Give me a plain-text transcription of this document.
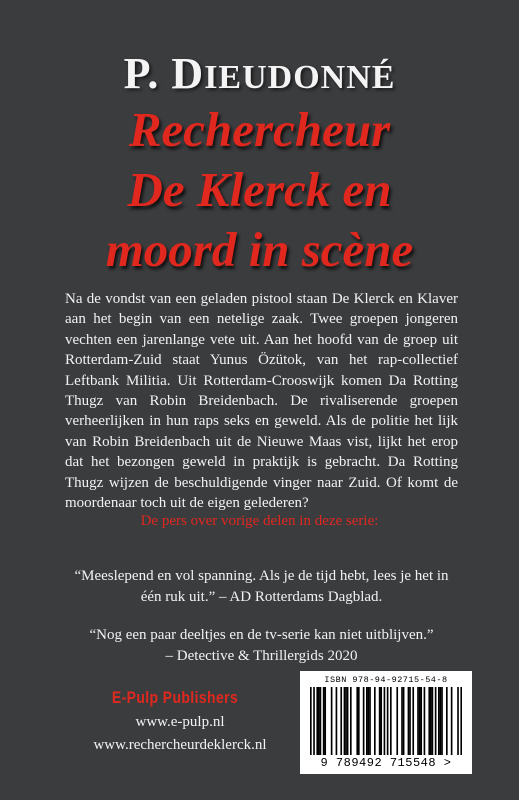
P. DIEUDONNÉ
Rechercheur
De Klerck en
moord in scène
Na de vondst van een geladen pistool staan De Klerck en Klaver aan het begin van een netelige zaak. Twee groepen jongeren vechten een jarenlange vete uit. Aan het hoofd van de groep uit Rotterdam-Zuid staat Yunus Özütok, van het rap-collectief Leftbank Militia. Uit Rotterdam-Crooswijk komen Da Rotting Thugz van Robin Breidenbach. De rivaliserende groepen verheerlijken in hun raps seks en geweld. Als de politie het lijk van Robin Breidenbach uit de Nieuwe Maas vist, lijkt het erop dat het bezongen geweld in praktijk is gebracht. Da Rotting Thugz wijzen de beschuldigende vinger naar Zuid. Of komt de moordenaar toch uit de eigen gelederen?
De pers over vorige delen in deze serie:
“Meeslepend en vol spanning. Als je de tijd hebt, lees je het in één ruk uit.” – AD Rotterdams Dagblad.
“Nog een paar deeltjes en de tv-serie kan niet uitblijven.”
– Detective & Thrillergids 2020
E-Pulp Publishers
www.e-pulp.nl
www.rechercheurdeklerck.nl
ISBN 978-94-92715-54-8
9 789492 715548 >
